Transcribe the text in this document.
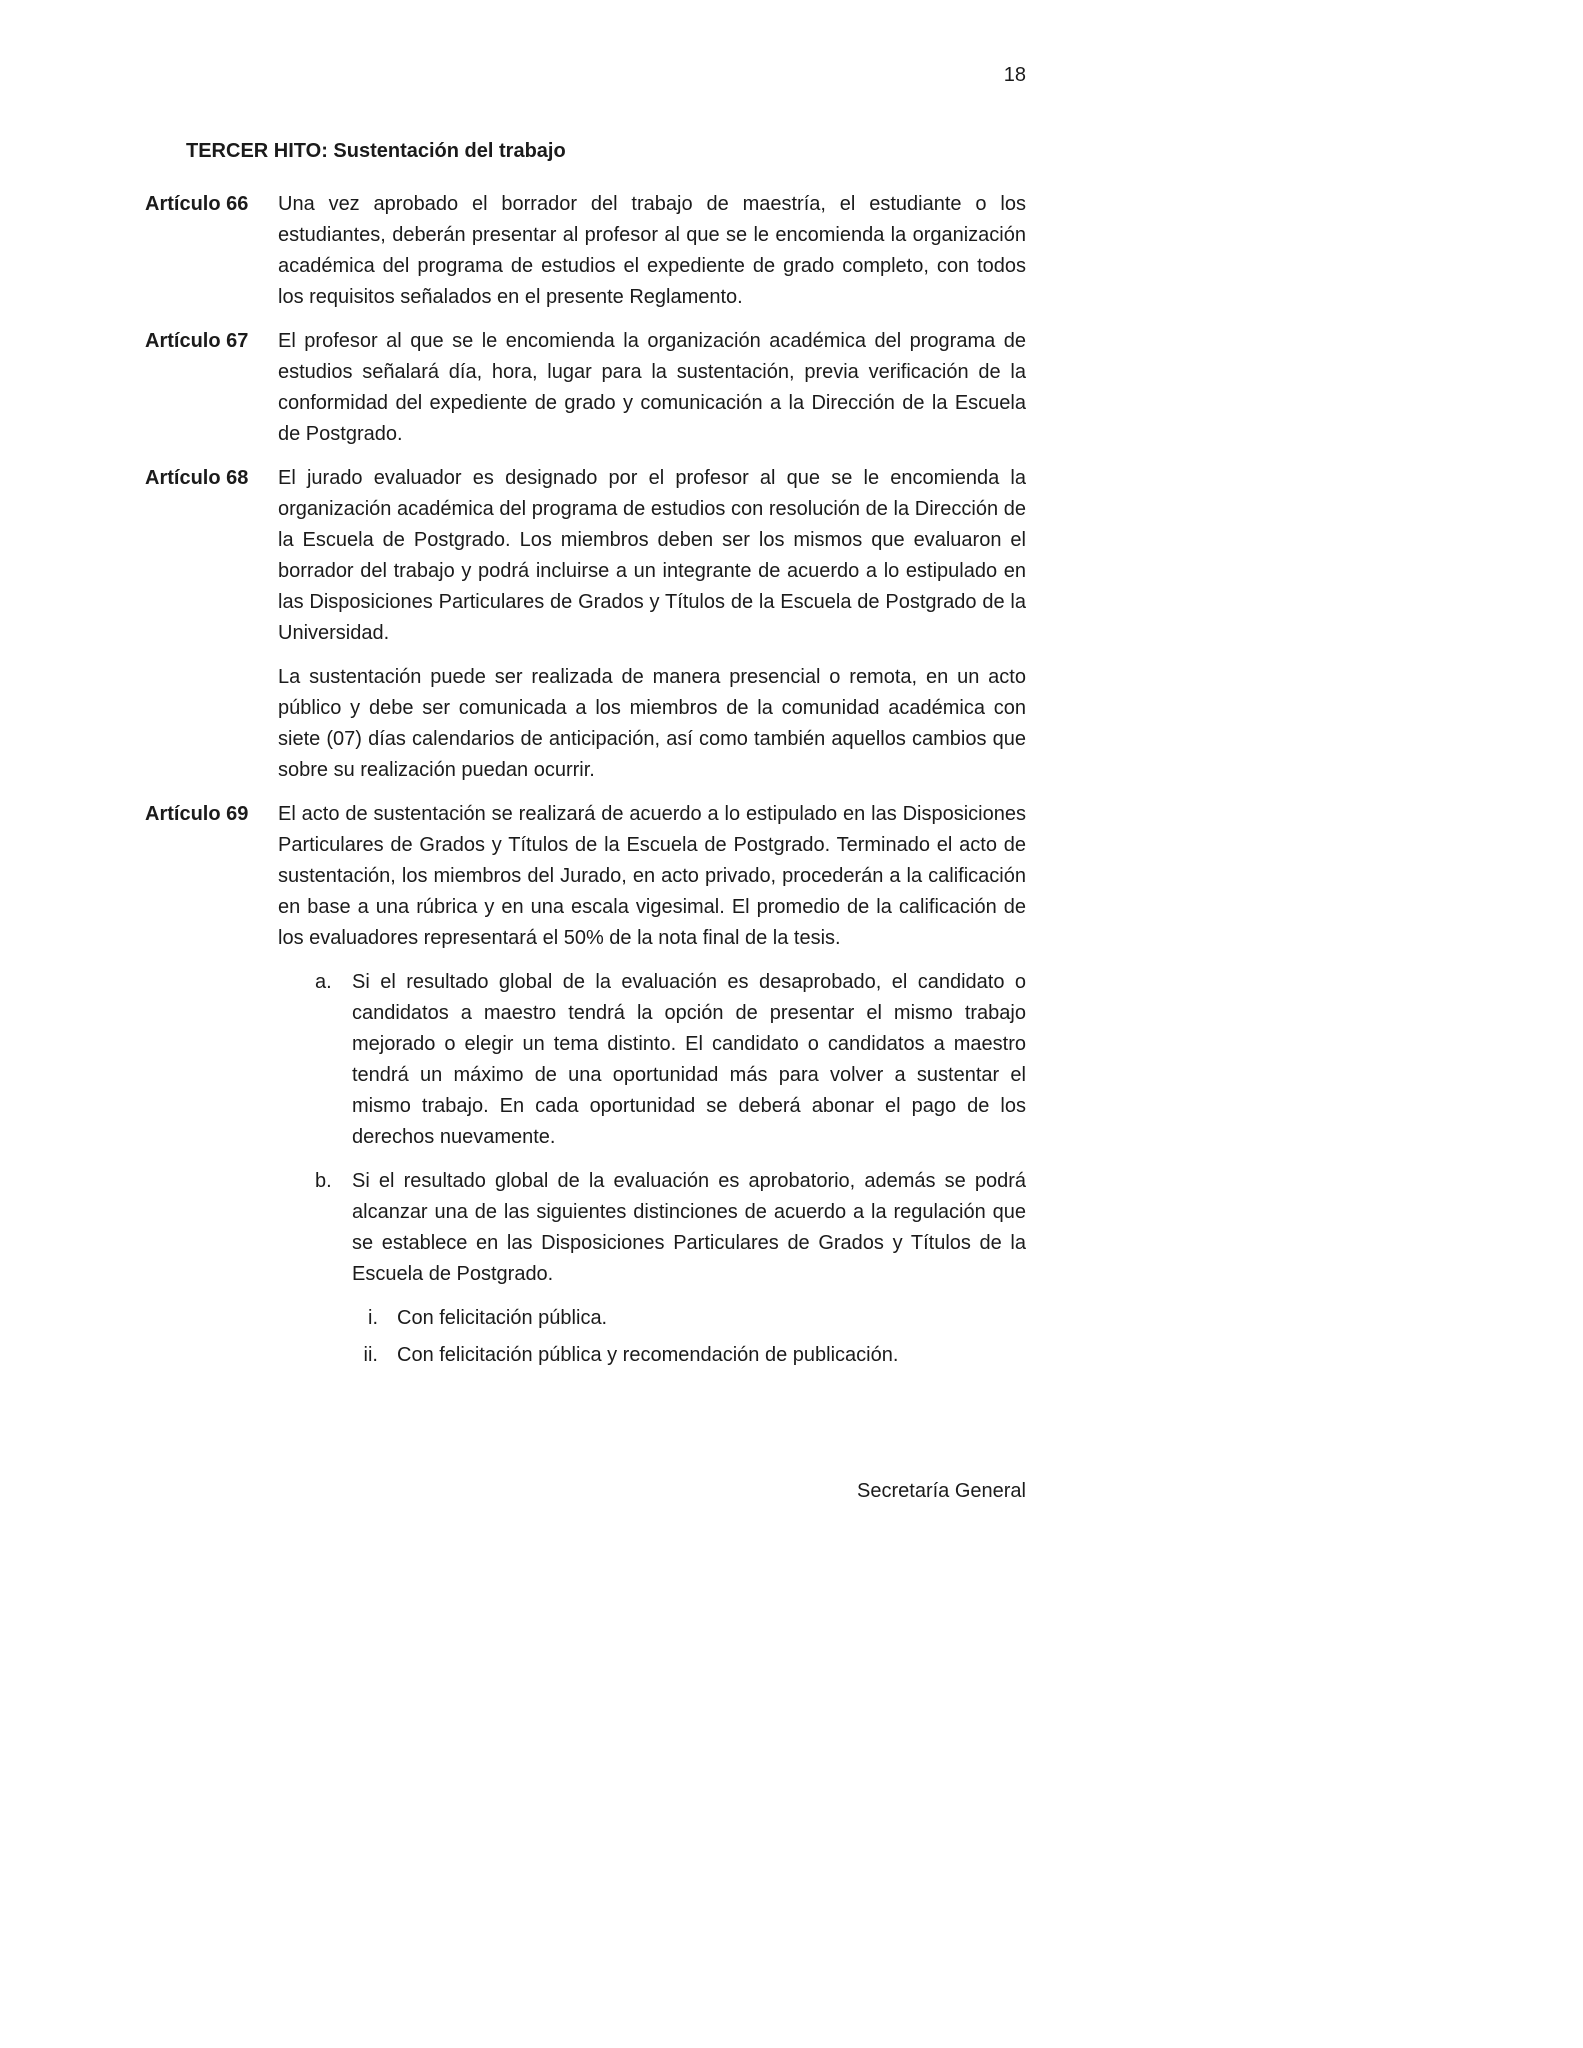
18
TERCER HITO: Sustentación del trabajo
Artículo 66	Una vez aprobado el borrador del trabajo de maestría, el estudiante o los estudiantes, deberán presentar al profesor al que se le encomienda la organización académica del programa de estudios el expediente de grado completo, con todos los requisitos señalados en el presente Reglamento.

Artículo 67	El profesor al que se le encomienda la organización académica del programa de estudios señalará día, hora, lugar para la sustentación, previa verificación de la conformidad del expediente de grado y comunicación a la Dirección de la Escuela de Postgrado.

Artículo 68	El jurado evaluador es designado por el profesor al que se le encomienda la organización académica del programa de estudios con resolución de la Dirección de la Escuela de Postgrado. Los miembros deben ser los mismos que evaluaron el borrador del trabajo y podrá incluirse a un integrante de acuerdo a lo estipulado en las Disposiciones Particulares de Grados y Títulos de la Escuela de Postgrado de la Universidad.

La sustentación puede ser realizada de manera presencial o remota, en un acto público y debe ser comunicada a los miembros de la comunidad académica con siete (07) días calendarios de anticipación, así como también aquellos cambios que sobre su realización puedan ocurrir.

Artículo 69	El acto de sustentación se realizará de acuerdo a lo estipulado en las Disposiciones Particulares de Grados y Títulos de la Escuela de Postgrado. Terminado el acto de sustentación, los miembros del Jurado, en acto privado, procederán a la calificación en base a una rúbrica y en una escala vigesimal. El promedio de la calificación de los evaluadores representará el 50% de la nota final de la tesis.

a.	Si el resultado global de la evaluación es desaprobado, el candidato o candidatos a maestro tendrá la opción de presentar el mismo trabajo mejorado o elegir un tema distinto. El candidato o candidatos a maestro tendrá un máximo de una oportunidad más para volver a sustentar el mismo trabajo. En cada oportunidad se deberá abonar el pago de los derechos nuevamente.
b.	Si el resultado global de la evaluación es aprobatorio, además se podrá alcanzar una de las siguientes distinciones de acuerdo a la regulación que se establece en las Disposiciones Particulares de Grados y Títulos de la Escuela de Postgrado.
i. Con felicitación pública.
ii. Con felicitación pública y recomendación de publicación.
Secretaría General
